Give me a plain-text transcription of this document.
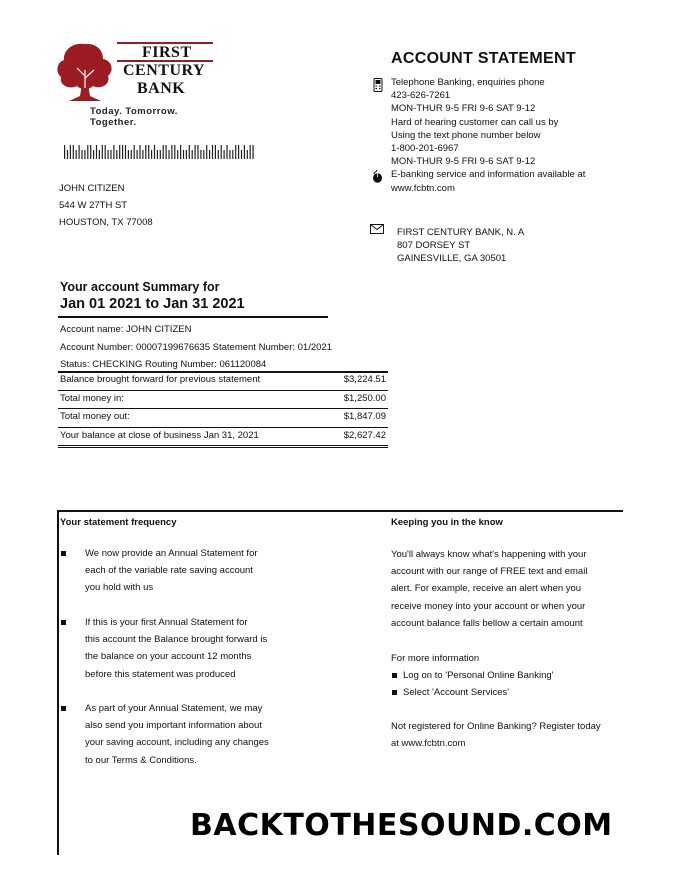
FIRST
CENTURY
BANK
Today. Tomorrow. Together.
JOHN CITIZEN
544 W 27TH ST
HOUSTON, TX 77008
ACCOUNT STATEMENT
Telephone Banking, enquiries phone
423-626-7261
MON-THUR 9-5 FRI 9-6 SAT 9-12
Hard of hearing customer can call us by
Using the text phone number below
1-800-201-6967
MON-THUR 9-5 FRI 9-6 SAT 9-12
E-banking service and information available at
www.fcbtn.com
FIRST CENTURY BANK, N. A
807 DORSEY ST
GAINESVILLE, GA 30501
Your account Summary for
Jan 01 2021 to Jan 31 2021
Account name: JOHN CITIZEN
Account Number: 00007199676635 Statement Number: 01/2021
Status: CHECKING Routing Number: 061120084
Balance brought forward for previous statement	$3,224.51
Total money in:	$1,250.00
Total money out:	$1,847.09
Your balance at close of business Jan 31, 2021	$2,627.42
Your statement frequency
We now provide an Annual Statement for
each of the variable rate saving account
you hold with us
If this is your first Annual Statement for
this account the Balance brought forward is
the balance on your account 12 months
before this statement was produced
As part of your Annual Statement, we may
also send you important information about
your saving account, including any changes
to our Terms & Conditions.
Keeping you in the know
You'll always know what's happening with your
account with our range of FREE text and email
alert. For example, receive an alert when you
receive money into your account or when your
account balance falls bellow a certain amount
For more information
Log on to 'Personal Online Banking'
Select 'Account Services'
Not registered for Online Banking? Register today
at www.fcbtn.com
BACKTOTHESOUND.COM
